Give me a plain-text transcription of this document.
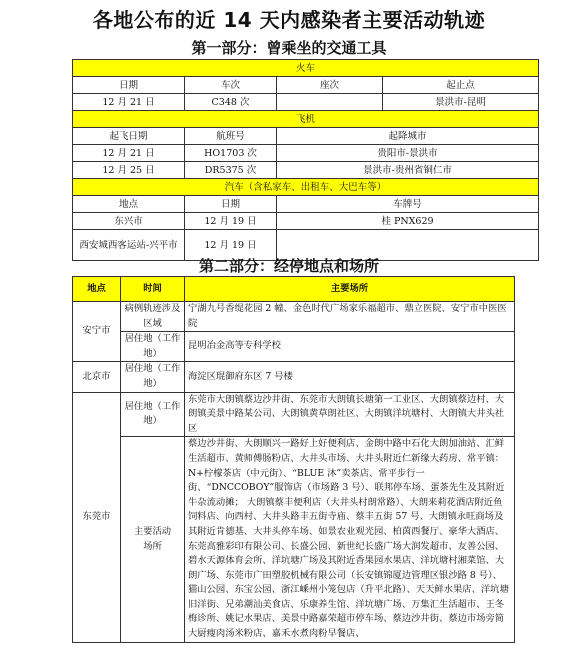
各地公布的近 14 天内感染者主要活动轨迹
第一部分：曾乘坐的交通工具
火车			
日期	车次	座次	起止点
12 月 21 日	C348 次		景洪市-昆明
飞机			
起飞日期	航班号	起降城市	
12 月 21 日	HO1703 次	贵阳市-景洪市	
12 月 25 日	DR5375 次	景洪市-贵州省铜仁市	
汽车（含私家车、出租车、大巴车等）			
地点	日期	车牌号	
东兴市	12 月 19 日	桂 PNX629	
西安城西客运站-兴平市	12 月 19 日		
第二部分：经停地点和场所
地点	时间	主要场所
安宁市	病例轨迹涉及区域	宁湖九号香缇花园 2 幢、金色时代广场家乐福超市、鼎立医院、安宁市中医医院
	居住地（工作地）	昆明冶金高等专科学校
北京市	居住地（工作地）	海淀区琨御府东区 7 号楼
东莞市	居住地（工作地）	东莞市大朗镇蔡边沙井街、东莞市大朗镇长塘第一工业区、大朗镇蔡边村、大朗镇美景中路某公司、大朗镇黄草朗社区、大朗镇洋坑塘村、大朗镇大井头社区
	主要活动场所	蔡边沙井街、大朗顺兴一路好上好便利店、金朗中路中石化大朗加油站、汇鲜生活超市、黄师傅肠粉店、大井头市场、大井头附近仁新缘大药房、常平镇：N+柠檬茶店（中元街）、“BLUE 沐”卖茶店、常平步行一街、“DNCCOBOY”服饰店（市场路 3 号）、联邦停车场、蛋茶先生及其附近牛杂流动摊； 大朗镇蔡丰便利店（大井头村朗常路）、大朗来莉花酒店附近鱼饲料店、向西村、大井头路丰五街寺庙、蔡丰五街 57 号、大朗镇永旺商场及其附近肯德基、大井头停车场、如景农业观光园、柏茵西餐厅、豪华大酒店、东莞高雅彩印有限公司、长盛公园、新世纪长盛广场大润发超市、友善公园、碧水天源体育会所、洋坑塘广场及其附近香果园水果店、洋坑塘村湘菜馆、大朗广场、东莞市广田塑胶机械有限公司（长安镇锦厦边管理区银沙路 8 号）、猫山公园、东宝公园、浙江嵊州小笼包店（升平北路）、天天鲜水果店、洋坑塘旧洋街、兄弟潮汕美食店、乐康养生馆、洋坑塘广场、万集汇生活超市、王冬梅诊所、姚记水果店、美景中路嘉荣超市停车场、蔡边沙井街、蔡边市场旁简大厨瘦肉汤米粉店、嘉禾水煮肉粉早餐店、
